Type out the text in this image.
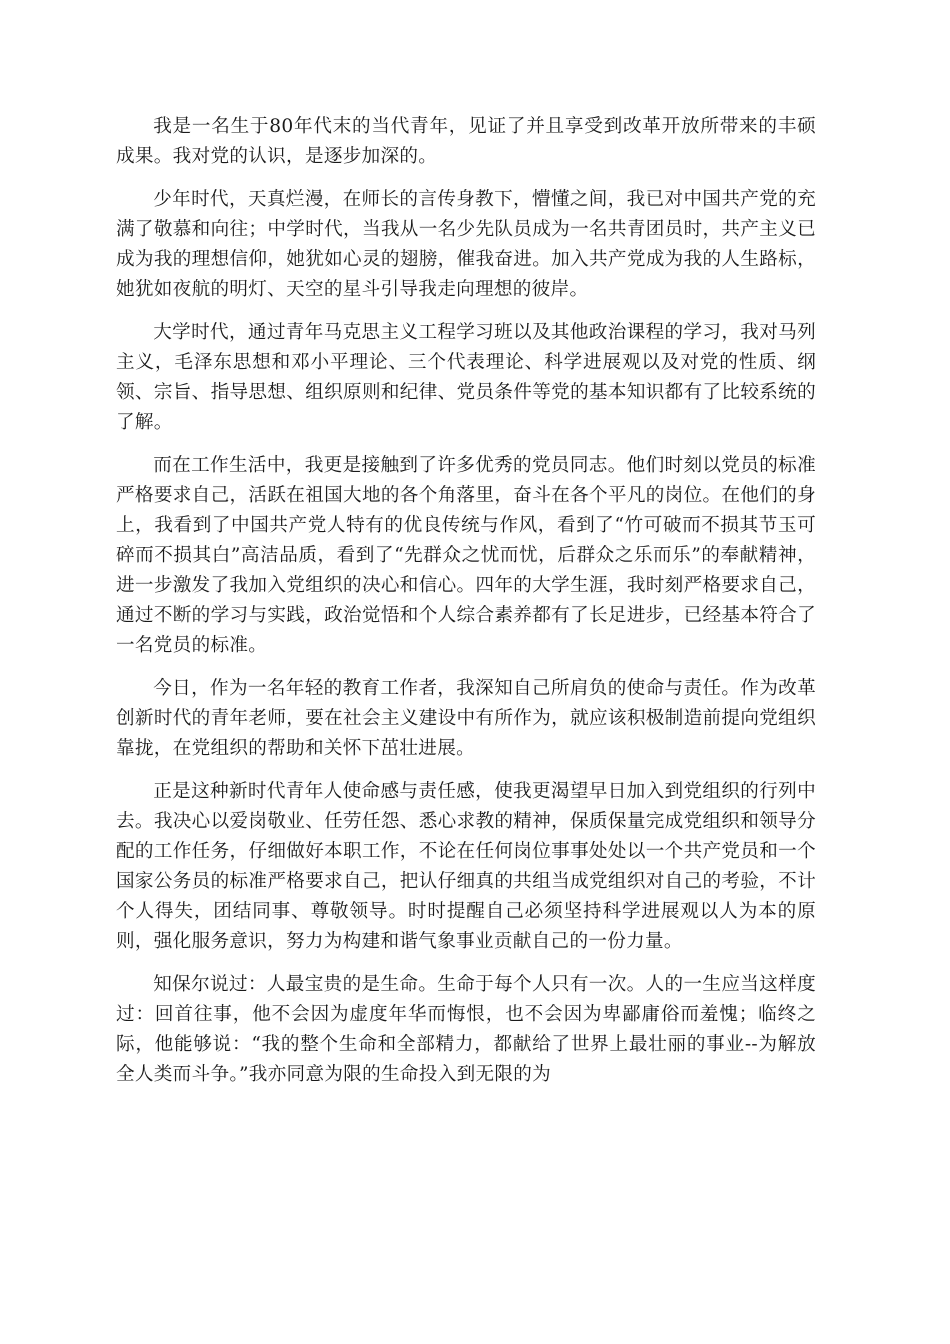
我是一名生于80年代末的当代青年，见证了并且享受到改革开放所带来的丰硕成果。我对党的认识，是逐步加深的。

少年时代，天真烂漫，在师长的言传身教下，懵懂之间，我已对中国共产党的充满了敬慕和向往；中学时代，当我从一名少先队员成为一名共青团员时，共产主义已成为我的理想信仰，她犹如心灵的翅膀，催我奋进。加入共产党成为我的人生路标，她犹如夜航的明灯、天空的星斗引导我走向理想的彼岸。

大学时代，通过青年马克思主义工程学习班以及其他政治课程的学习，我对马列主义，毛泽东思想和邓小平理论、三个代表理论、科学进展观以及对党的性质、纲领、宗旨、指导思想、组织原则和纪律、党员条件等党的基本知识都有了比较系统的了解。

而在工作生活中，我更是接触到了许多优秀的党员同志。他们时刻以党员的标准严格要求自己，活跃在祖国大地的各个角落里，奋斗在各个平凡的岗位。在他们的身上，我看到了中国共产党人特有的优良传统与作风，看到了“竹可破而不损其节玉可碎而不损其白”高洁品质，看到了“先群众之忧而忧，后群众之乐而乐”的奉献精神，进一步激发了我加入党组织的决心和信心。四年的大学生涯，我时刻严格要求自己，通过不断的学习与实践，政治觉悟和个人综合素养都有了长足进步，已经基本符合了一名党员的标准。

今日，作为一名年轻的教育工作者，我深知自己所肩负的使命与责任。作为改革创新时代的青年老师，要在社会主义建设中有所作为，就应该积极制造前提向党组织靠拢，在党组织的帮助和关怀下茁壮进展。

正是这种新时代青年人使命感与责任感，使我更渴望早日加入到党组织的行列中去。我决心以爱岗敬业、任劳任怨、悉心求教的精神，保质保量完成党组织和领导分配的工作任务，仔细做好本职工作，不论在任何岗位事事处处以一个共产党员和一个国家公务员的标准严格要求自己，把认仔细真的共组当成党组织对自己的考验，不计个人得失，团结同事、尊敬领导。时时提醒自己必须坚持科学进展观以人为本的原则，强化服务意识，努力为构建和谐气象事业贡献自己的一份力量。

知保尔说过：人最宝贵的是生命。生命于每个人只有一次。人的一生应当这样度过：回首往事，他不会因为虚度年华而悔恨，也不会因为卑鄙庸俗而羞愧；临终之际，他能够说：“我的整个生命和全部精力，都献给了世界上最壮丽的事业--为解放全人类而斗争。”我亦同意为限的生命投入到无限的为
